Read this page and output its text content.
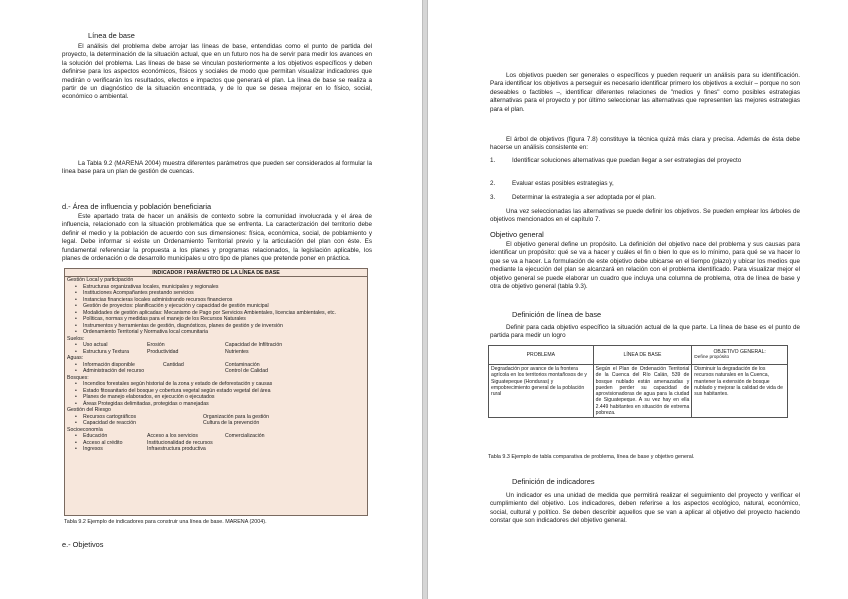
Línea de base

El análisis del problema debe arrojar las líneas de base, entendidas como el punto de partida del proyecto, la determinación de la situación actual, que en un futuro nos ha de servir para medir los avances en la solución del problema. Las líneas de base se vinculan posteriormente a los objetivos específicos y deben definirse para los aspectos económicos, físicos y sociales de modo que permitan visualizar indicadores que medirán o verificarán los resultados, efectos e impactos que generará el plan. La línea de base se realiza a partir de un diagnóstico de la situación encontrada, y de lo que se desea mejorar en lo físico, social, económico o ambiental.

La Tabla 9.2 (MARENA 2004) muestra diferentes parámetros que pueden ser considerados al formular la línea base para un plan de gestión de cuencas.

d.- Área de influencia y población beneficiaria

Este apartado trata de hacer un análisis de contexto sobre la comunidad involucrada y el área de influencia, relacionado con la situación problemática que se enfrenta. La caracterización del territorio debe definir el medio y la población de acuerdo con sus dimensiones: física, económica, social, de poblamiento y legal. Debe informar si existe un Ordenamiento Territorial previo y la articulación del plan con éste. Es fundamental referenciar la propuesta a los planes y programas relacionados, la legislación aplicable, los planes de ordenación o de desarrollo municipales u otro tipo de planes que pretende poner en práctica.

INDICADOR / PARÁMETRO DE LA LÍNEA DE BASE
Gestión Local y participación
• Estructuras organizativas locales, municipales y regionales
• Instituciones Acompañantes prestando servicios
• Instancias financieras locales administrando recursos financieros
• Gestión de proyectos: planificación y ejecución y capacidad de gestión municipal
• Modalidades de gestión aplicadas: Mecanismo de Pago por Servicios Ambientales, licencias ambientales, etc.
• Políticas, normas y medidas para el manejo de los Recursos Naturales
• Instrumentos y herramientas de gestión, diagnósticos, planes de gestión y de inversión
• Ordenamiento Territorial y Normativa local comunitaria
Suelos:
• Uso actual	Erosión	Capacidad de Infiltración
• Estructura y Textura	Productividad	Nutrientes
Aguas:
• Información disponible	Cantidad	Contaminación
• Administración del recurso	Control de Calidad
Bosques:
• Incendios forestales según historial de la zona y estado de deforestación y causas
• Estado fitosanitario del bosque y cobertura vegetal según estado vegetal del área
• Planes de manejo elaborados, en ejecución o ejecutados
• Áreas Protegidas delimitadas, protegidas o manejadas
Gestión del Riesgo
• Recursos cartográficos	Organización para la gestión
• Capacidad de reacción	Cultura de la prevención
Socioeconomía
• Educación	Acceso a los servicios	Comercialización
• Acceso al crédito	Institucionalidad de recursos
• Ingresos	Infraestructura productiva
Tabla 9.2 Ejemplo de indicadores para construir una línea de base. MARENA (2004).
e.- Objetivos

Los objetivos pueden ser generales o específicos y pueden requerir un análisis para su identificación. Para identificar los objetivos a perseguir es necesario identificar primero los objetivos a excluir – porque no son deseables o factibles –, identificar diferentes relaciones de "medios y fines" como posibles estrategias alternativas para el proyecto y por último seleccionar las alternativas que representen las mejores estrategias para el plan.

El árbol de objetivos (figura 7.8) constituye la técnica quizá más clara y precisa. Además de ésta debe hacerse un análisis consistente en:

1.	Identificar soluciones alternativas que puedan llegar a ser estrategias del proyecto
2.	Evaluar estas posibles estrategias y,
3.	Determinar la estrategia a ser adoptada por el plan.

Una vez seleccionadas las alternativas se puede definir los objetivos. Se pueden emplear los árboles de objetivos mencionados en el capítulo 7.

Objetivo general

El objetivo general define un propósito. La definición del objetivo nace del problema y sus causas para identificar un propósito: qué se va a hacer y cuáles el fin o bien lo que es lo mínimo, para qué se va hacer lo que se va a hacer. La formulación de este objetivo debe ubicarse en el tiempo (plazo) y ubicar los medios que mediante la ejecución del plan se alcanzará en relación con el problema identificado. Para visualizar mejor el objetivo general se puede elaborar un cuadro que incluya una columna de problema, otra de línea de base y otra de objetivo general (tabla 9.3).

Definición de línea de base

Definir para cada objetivo específico la situación actual de la que parte. La línea de base es el punto de partida para medir un logro

PROBLEMA	LÍNEA DE BASE	OBJETIVO GENERAL:
Define propósito

Degradación por avance de la frontera agrícola en los territorios montañosos de y Siguatepeque (Honduras) y empobrecimiento general de la población rural	Según el Plan de Ordenación Territorial de la Cuenca del Río Calán, 539 de bosque nublado están amenazadas y pueden perder su capacidad de aprovisionadoras de agua para la ciudad de Siguatepeque. A su vez hay en ella 2.449 habitantes en situación de extrema pobreza.	Disminuir la degradación de los recursos naturales en la Cuenca, mantener la extensión de bosque nublado y mejorar la calidad de vida de sus habitantes.
Tabla 9.3 Ejemplo de tabla comparativa de problema, línea de base y objetivo general.
Definición de indicadores

Un indicador es una unidad de medida que permitirá realizar el seguimiento del proyecto y verificar el cumplimiento del objetivo. Los indicadores, deben referirse a los aspectos ecológico, natural, económico, social, cultural y político. Se deben describir aquellos que se van a aplicar al objetivo del proyecto haciendo constar que son indicadores del objetivo general.
